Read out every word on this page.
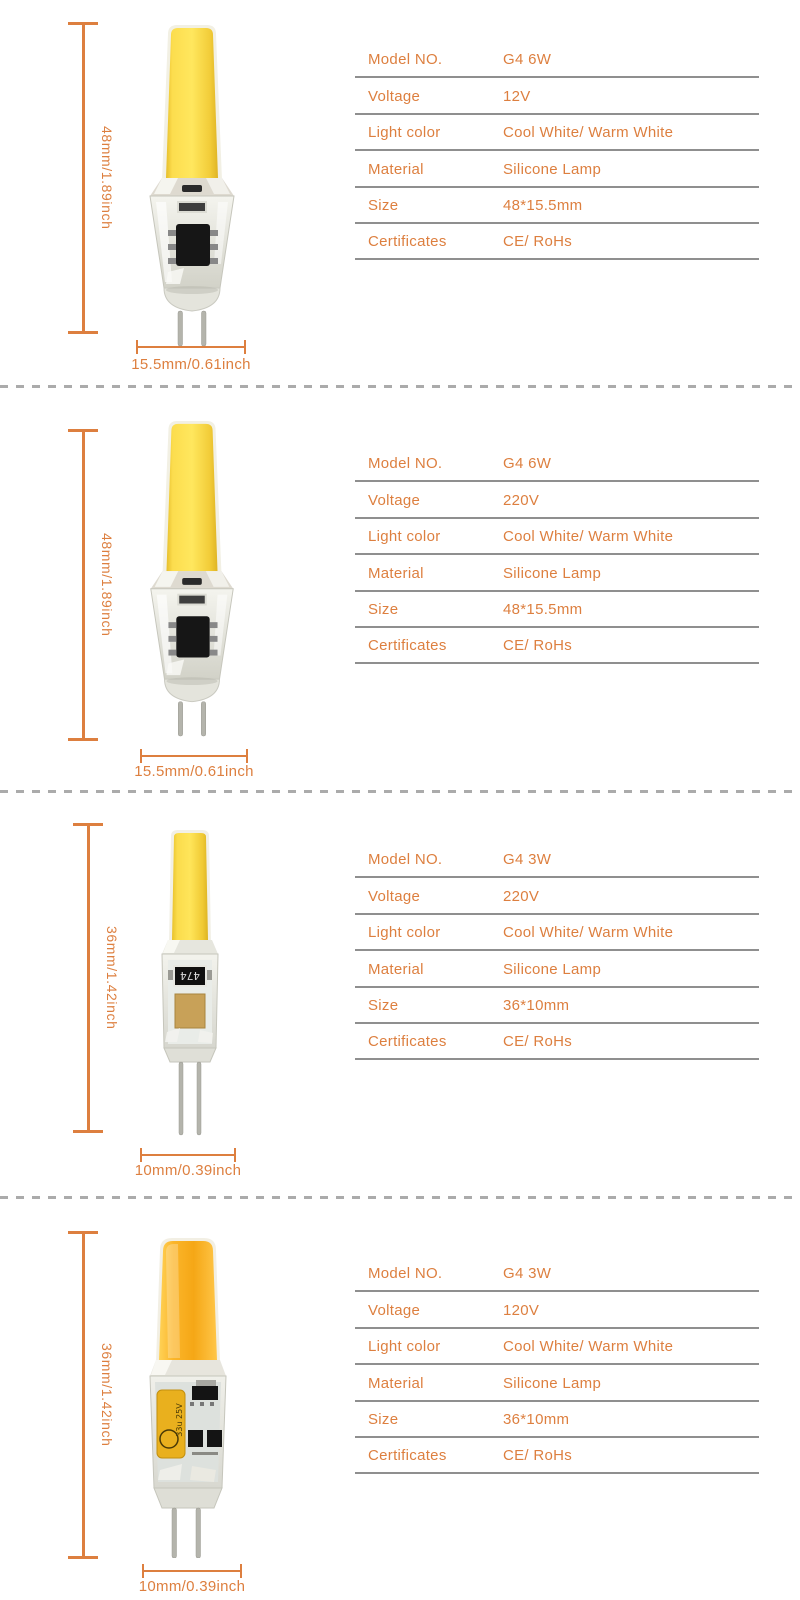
48mm/1.89inch
15.5mm/0.61inch
Model NO.	G4 6W
Voltage	12V
Light color	Cool White/ Warm White
Material	Silicone Lamp
Size	48*15.5mm
Certificates	CE/ RoHs
48mm/1.89inch
15.5mm/0.61inch
Model NO.	G4 6W
Voltage	220V
Light color	Cool White/ Warm White
Material	Silicone Lamp
Size	48*15.5mm
Certificates	CE/ RoHs
36mm/1.42inch	474
10mm/0.39inch
Model NO.	G4 3W
Voltage	220V
Light color	Cool White/ Warm White
Material	Silicone Lamp
Size	36*10mm
Certificates	CE/ RoHs
36mm/1.42inch	33u 25V
10mm/0.39inch
Model NO.	G4 3W
Voltage	120V
Light color	Cool White/ Warm White
Material	Silicone Lamp
Size	36*10mm
Certificates	CE/ RoHs
